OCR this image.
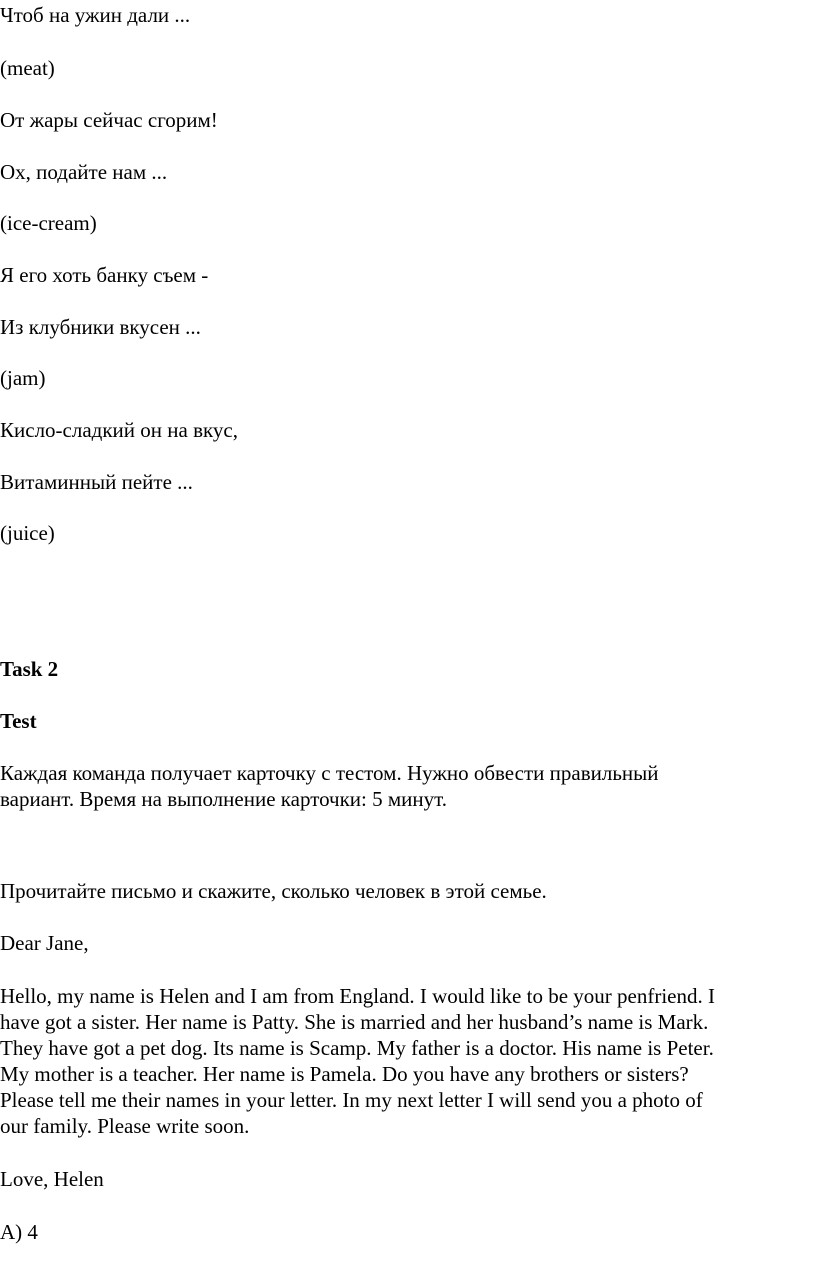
Чтоб на ужин дали ...
(meat)
От жары сейчас сгорим!
Ох, подайте нам ...
(ice-cream)
Я его хоть банку съем -
Из клубники вкусен ...
(jam)
Кисло-сладкий он на вкус,
Витаминный пейте ...
(juice)
Task 2
Test
Каждая команда получает карточку с тестом. Нужно обвести правильный
вариант. Время на выполнение карточки: 5 минут.
Прочитайте письмо и скажите, сколько человек в этой семье.
Dear Jane,
Hello, my name is Helen and I am from England. I would like to be your penfriend. I
have got a sister. Her name is Patty. She is married and her husband’s name is Mark.
They have got a pet dog. Its name is Scamp. My father is a doctor. His name is Peter.
My mother is a teacher. Her name is Pamela. Do you have any brothers or sisters?
Please tell me their names in your letter. In my next letter I will send you a photo of
our family. Please write soon.
Love, Helen
A) 4
